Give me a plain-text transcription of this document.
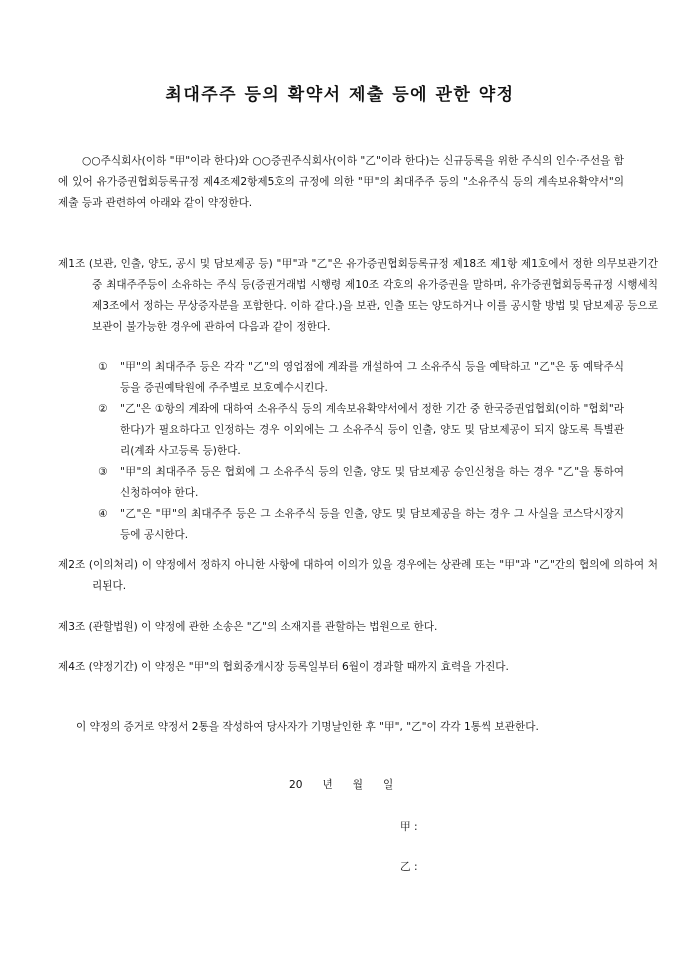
최대주주 등의 확약서 제출 등에 관한 약정
○○주식회사(이하 "甲"이라 한다)와 ○○증권주식회사(이하 "乙"이라 한다)는 신규등록을 위한 주식의 인수·주선을 함에 있어 유가증권협회등록규정 제4조제2항제5호의 규정에 의한 "甲"의 최대주주 등의 "소유주식 등의 계속보유확약서"의 제출 등과 관련하여 아래와 같이 약정한다.
제1조 (보관, 인출, 양도, 공시 및 담보제공 등) "甲"과 "乙"은 유가증권협회등록규정 제18조 제1항 제1호에서 정한 의무보관기간중 최대주주등이 소유하는 주식 등(증권거래법 시행령 제10조 각호의 유가증권을 말하며, 유가증권협회등록규정 시행세칙 제3조에서 정하는 무상증자분을 포함한다. 이하 같다.)을 보관, 인출 또는 양도하거나 이를 공시할 방법 및 담보제공 등으로 보관이 불가능한 경우에 관하여 다음과 같이 정한다.
①	"甲"의 최대주주 등은 각각 "乙"의 영업점에 계좌를 개설하여 그 소유주식 등을 예탁하고 "乙"은 동 예탁주식 등을 증권예탁원에 주주별로 보호예수시킨다.
②	"乙"은 ①항의 계좌에 대하여 소유주식 등의 계속보유확약서에서 정한 기간 중 한국증권업협회(이하 "협회"라 한다)가 필요하다고 인정하는 경우 이외에는 그 소유주식 등이 인출, 양도 및 담보제공이 되지 않도록 특별관리(계좌 사고등록 등)한다.
③	"甲"의 최대주주 등은 협회에 그 소유주식 등의 인출, 양도 및 담보제공 승인신청을 하는 경우 "乙"을 통하여 신청하여야 한다.
④	"乙"은 "甲"의 최대주주 등은 그 소유주식 등을 인출, 양도 및 담보제공을 하는 경우 그 사실을 코스닥시장지 등에 공시한다.
제2조 (이의처리) 이 약정에서 정하지 아니한 사항에 대하여 이의가 있을 경우에는 상관례 또는 "甲"과 "乙"간의 협의에 의하여 처리된다.
제3조 (관할법원) 이 약정에 관한 소송은 "乙"의 소재지를 관할하는 법원으로 한다.
제4조 (약정기간) 이 약정은 "甲"의 협회중개시장 등록일부터 6월이 경과할 때까지 효력을 가진다.
이 약정의 증거로 약정서 2통을 작성하여 당사자가 기명날인한 후 "甲", "乙"이 각각 1통씩 보관한다.
20 년 월 일
甲 :
乙 :
